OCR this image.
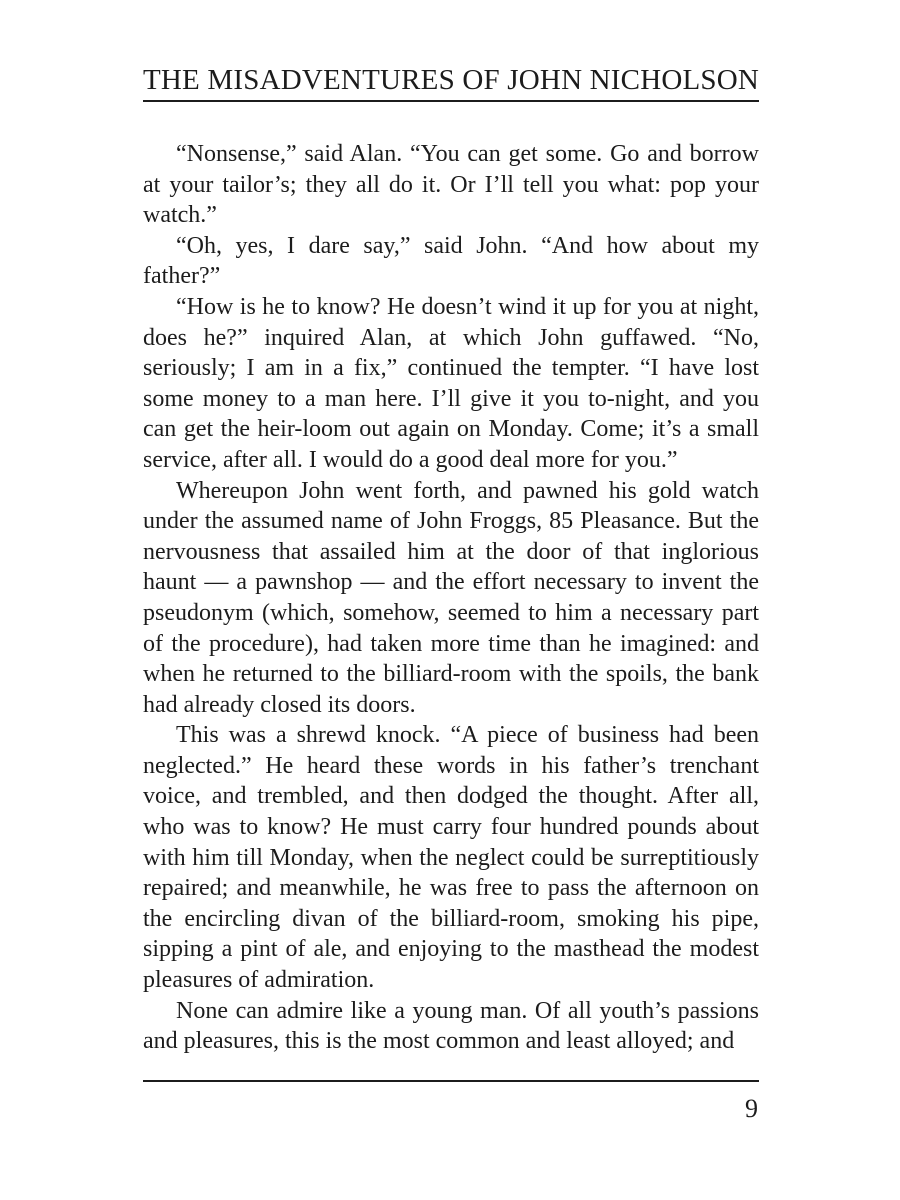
THE MISADVENTURES OF JOHN NICHOLSON

“Nonsense,” said Alan. “You can get some. Go and borrow at your tailor’s; they all do it. Or I’ll tell you what: pop your watch.”

“Oh, yes, I dare say,” said John. “And how about my father?”

“How is he to know? He doesn’t wind it up for you at night, does he?” inquired Alan, at which John guffawed. “No, seriously; I am in a fix,” continued the tempter. “I have lost some money to a man here. I’ll give it you to-night, and you can get the heir-loom out again on Monday. Come; it’s a small service, after all. I would do a good deal more for you.”

Whereupon John went forth, and pawned his gold watch under the assumed name of John Froggs, 85 Pleasance. But the nervousness that assailed him at the door of that inglorious haunt — a pawnshop — and the effort necessary to invent the pseudonym (which, somehow, seemed to him a necessary part of the procedure), had taken more time than he imagined: and when he returned to the billiard-room with the spoils, the bank had already closed its doors.

This was a shrewd knock. “A piece of business had been neglected.” He heard these words in his father’s trenchant voice, and trembled, and then dodged the thought. After all, who was to know? He must carry four hundred pounds about with him till Monday, when the neglect could be surreptitiously repaired; and meanwhile, he was free to pass the afternoon on the encircling divan of the billiard-room, smoking his pipe, sipping a pint of ale, and enjoying to the masthead the modest pleasures of admiration.

None can admire like a young man. Of all youth’s passions and pleasures, this is the most common and least alloyed; and

9
